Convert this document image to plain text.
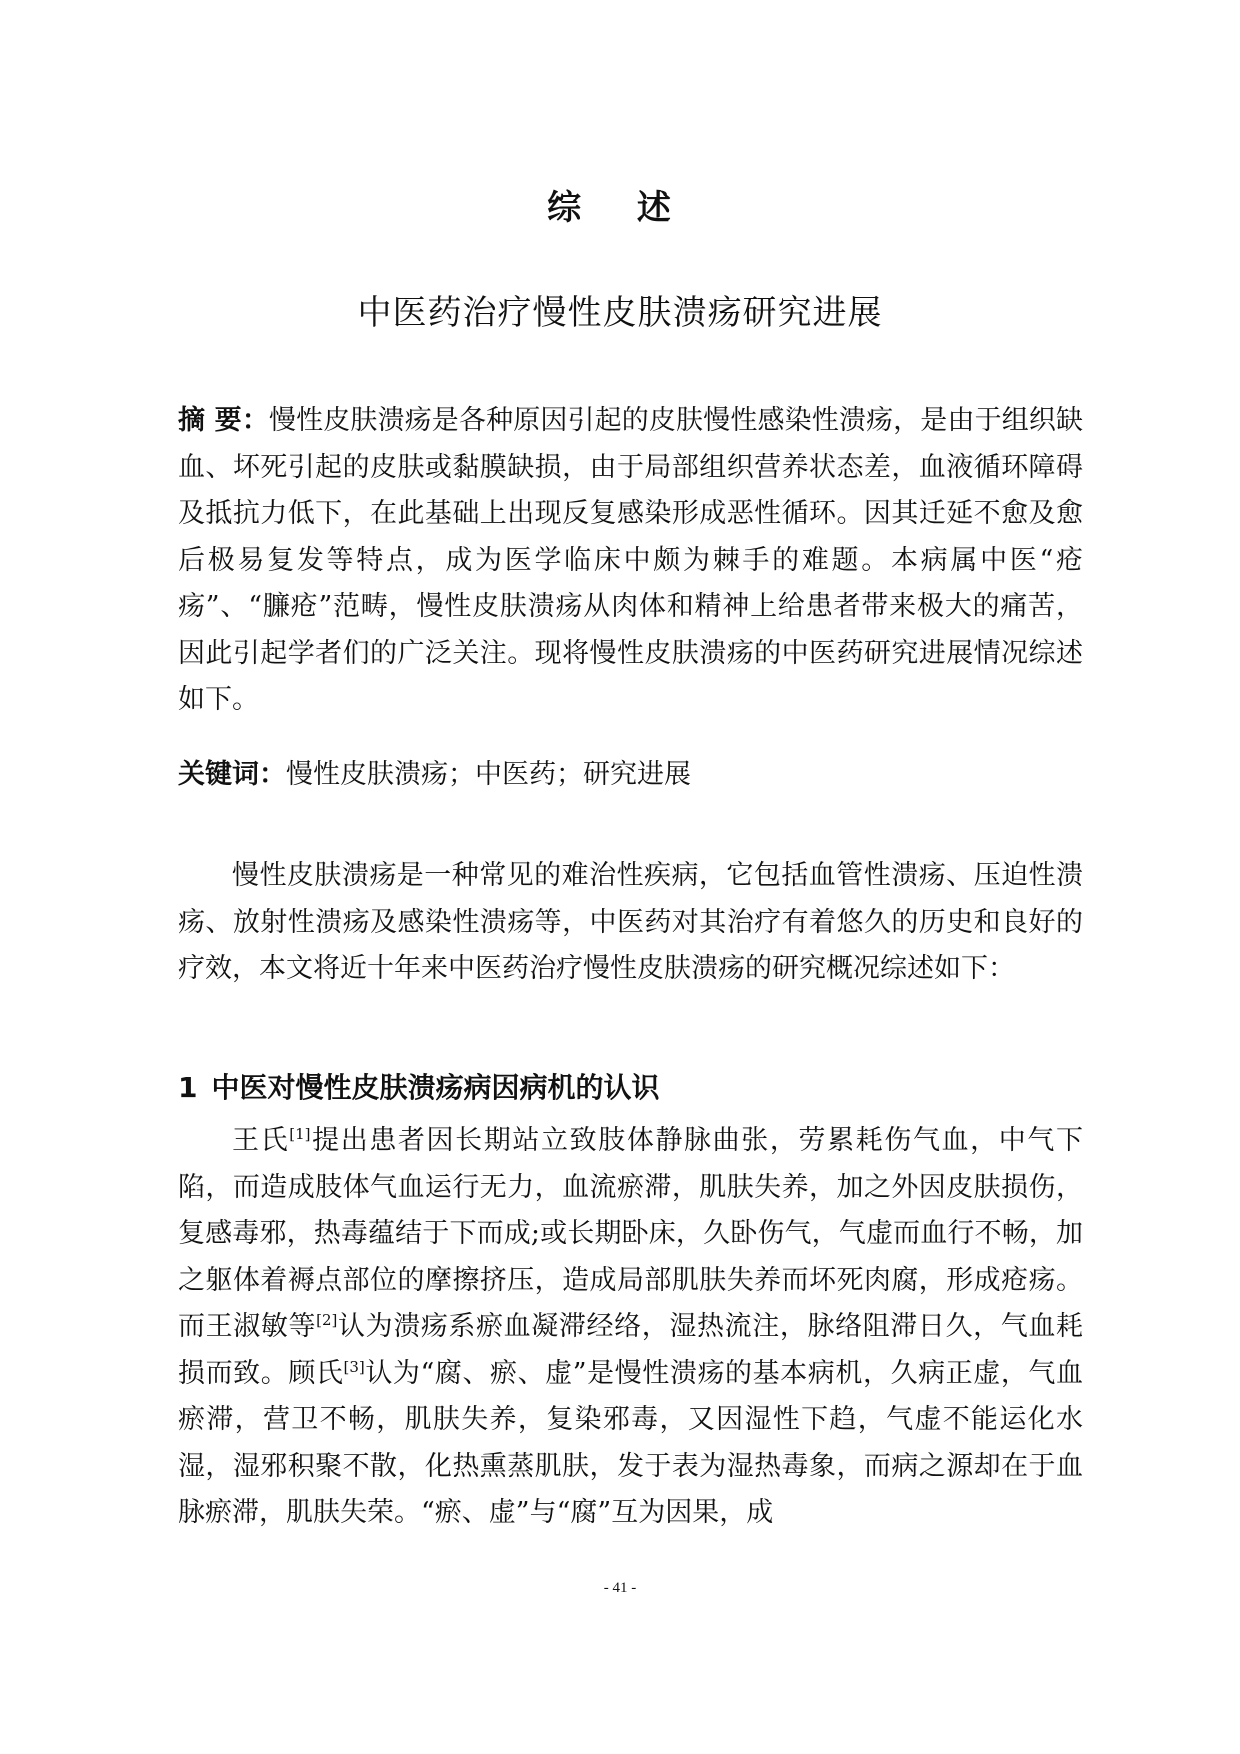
综 述
中医药治疗慢性皮肤溃疡研究进展
摘 要：慢性皮肤溃疡是各种原因引起的皮肤慢性感染性溃疡，是由于组织缺血、坏死引起的皮肤或黏膜缺损，由于局部组织营养状态差，血液循环障碍及抵抗力低下，在此基础上出现反复感染形成恶性循环。因其迁延不愈及愈后极易复发等特点，成为医学临床中颇为棘手的难题。本病属中医“疮疡”、“臁疮”范畴，慢性皮肤溃疡从肉体和精神上给患者带来极大的痛苦，因此引起学者们的广泛关注。现将慢性皮肤溃疡的中医药研究进展情况综述如下。
关键词：慢性皮肤溃疡；中医药；研究进展
慢性皮肤溃疡是一种常见的难治性疾病，它包括血管性溃疡、压迫性溃疡、放射性溃疡及感染性溃疡等，中医药对其治疗有着悠久的历史和良好的疗效，本文将近十年来中医药治疗慢性皮肤溃疡的研究概况综述如下：
1 中医对慢性皮肤溃疡病因病机的认识
王氏[1]提出患者因长期站立致肢体静脉曲张，劳累耗伤气血，中气下陷，而造成肢体气血运行无力，血流瘀滞，肌肤失养，加之外因皮肤损伤，复感毒邪，热毒蕴结于下而成;或长期卧床，久卧伤气，气虚而血行不畅，加之躯体着褥点部位的摩擦挤压，造成局部肌肤失养而坏死肉腐，形成疮疡。而王淑敏等[2]认为溃疡系瘀血凝滞经络，湿热流注，脉络阻滞日久，气血耗损而致。顾氏[3]认为“腐、瘀、虚”是慢性溃疡的基本病机，久病正虚，气血瘀滞，营卫不畅，肌肤失养，复染邪毒，又因湿性下趋，气虚不能运化水湿，湿邪积聚不散，化热熏蒸肌肤，发于表为湿热毒象，而病之源却在于血脉瘀滞，肌肤失荣。“瘀、虚”与“腐”互为因果，成
- 41 -
